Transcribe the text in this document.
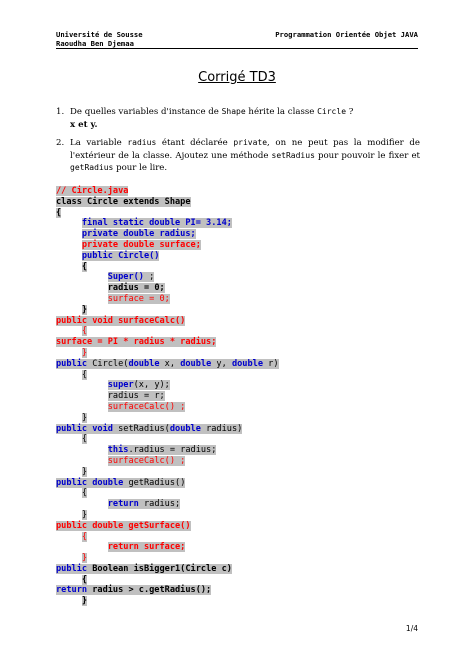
Université de Sousse
Raoudha Ben Djemaa
Programmation Orientée Objet JAVA
Corrigé TD3
1. De quelles variables d'instance de Shape hérite la classe Circle ?
x et y.
2. La variable radius étant déclarée private, on ne peut pas la modifier de l'extérieur de la classe. Ajoutez une méthode setRadius pour pouvoir le fixer et getRadius pour le lire.
// Circle.java
class Circle extends Shape
{
final static double PI= 3.14;
private double radius;
private double surface;
public Circle()
{
Super() ;
radius = 0;
surface = 0;
}
public void surfaceCalc()
{
surface = PI * radius * radius;
}
public Circle(double x, double y, double r)
{
super(x, y);
radius = r;
surfaceCalc() ;
}
public void setRadius(double radius)
{
this.radius = radius;
surfaceCalc() ;
}
public double getRadius()
{
return radius;
}
public double getSurface()
{
return surface;
}
public Boolean isBigger1(Circle c)
{
return radius > c.getRadius();
}
1/4
